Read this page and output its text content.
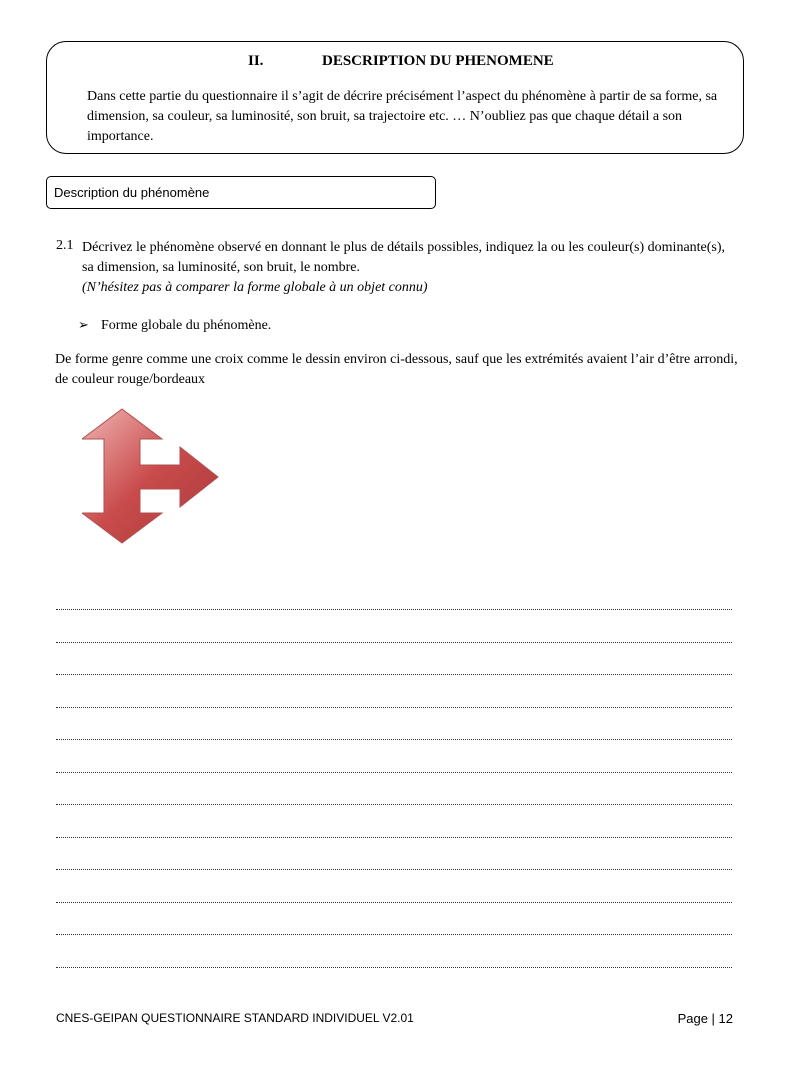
II.	DESCRIPTION DU PHENOMENE

Dans cette partie du questionnaire il s’agit de décrire précisément l’aspect du phénomène à partir de sa forme, sa dimension, sa couleur, sa luminosité, son bruit, sa trajectoire etc. … N’oubliez pas que chaque détail a son importance.

Description du phénomène
2.1 Décrivez le phénomène observé en donnant le plus de détails possibles, indiquez la ou les couleur(s) dominante(s), sa dimension, sa luminosité, son bruit, le nombre.
(N’hésitez pas à comparer la forme globale à un objet connu)

➢ Forme globale du phénomène.

De forme genre comme une croix comme le dessin environ ci-dessous, sauf que les extrémités avaient l’air d’être arrondi, de couleur rouge/bordeaux

CNES-GEIPAN QUESTIONNAIRE STANDARD INDIVIDUEL V2.01	Page | 12
